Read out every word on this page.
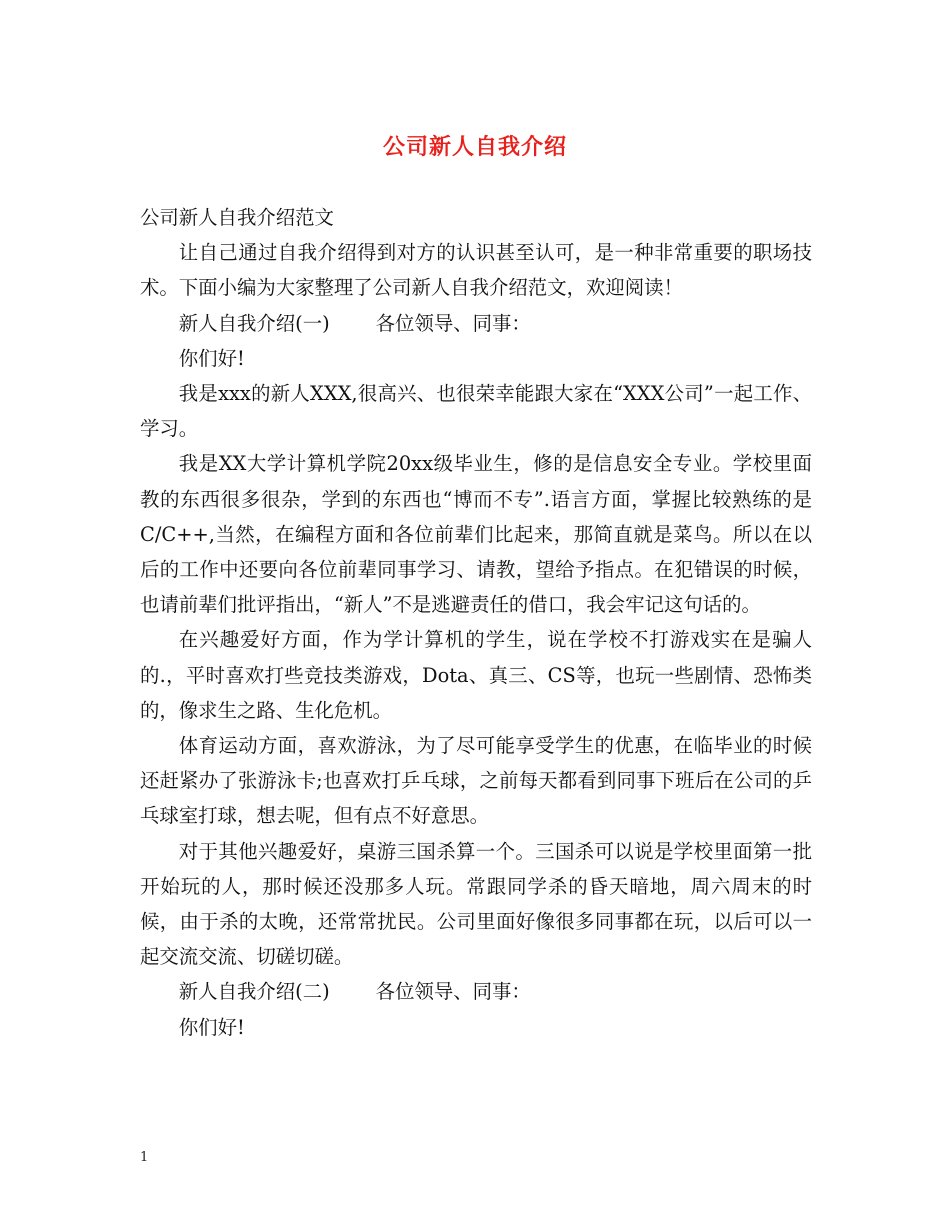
公司新人自我介绍

公司新人自我介绍范文

让自己通过自我介绍得到对方的认识甚至认可，是一种非常重要的职场技术。下面小编为大家整理了公司新人自我介绍范文，欢迎阅读！

新人自我介绍(一) 各位领导、同事：

你们好!

我是xxx的新人XXX,很高兴、也很荣幸能跟大家在“XXX公司”一起工作、学习。

我是XX大学计算机学院20xx级毕业生，修的是信息安全专业。学校里面教的东西很多很杂，学到的东西也“博而不专”.语言方面，掌握比较熟练的是C/C++,当然，在编程方面和各位前辈们比起来，那简直就是菜鸟。所以在以后的工作中还要向各位前辈同事学习、请教，望给予指点。在犯错误的时候，也请前辈们批评指出，“新人”不是逃避责任的借口，我会牢记这句话的。

在兴趣爱好方面，作为学计算机的学生，说在学校不打游戏实在是骗人的.，平时喜欢打些竞技类游戏，Dota、真三、CS等，也玩一些剧情、恐怖类的，像求生之路、生化危机。

体育运动方面，喜欢游泳，为了尽可能享受学生的优惠，在临毕业的时候还赶紧办了张游泳卡;也喜欢打乒乓球，之前每天都看到同事下班后在公司的乒乓球室打球，想去呢，但有点不好意思。

对于其他兴趣爱好，桌游三国杀算一个。三国杀可以说是学校里面第一批开始玩的人，那时候还没那多人玩。常跟同学杀的昏天暗地，周六周末的时候，由于杀的太晚，还常常扰民。公司里面好像很多同事都在玩，以后可以一起交流交流、切磋切磋。

新人自我介绍(二) 各位领导、同事：

你们好!

1
